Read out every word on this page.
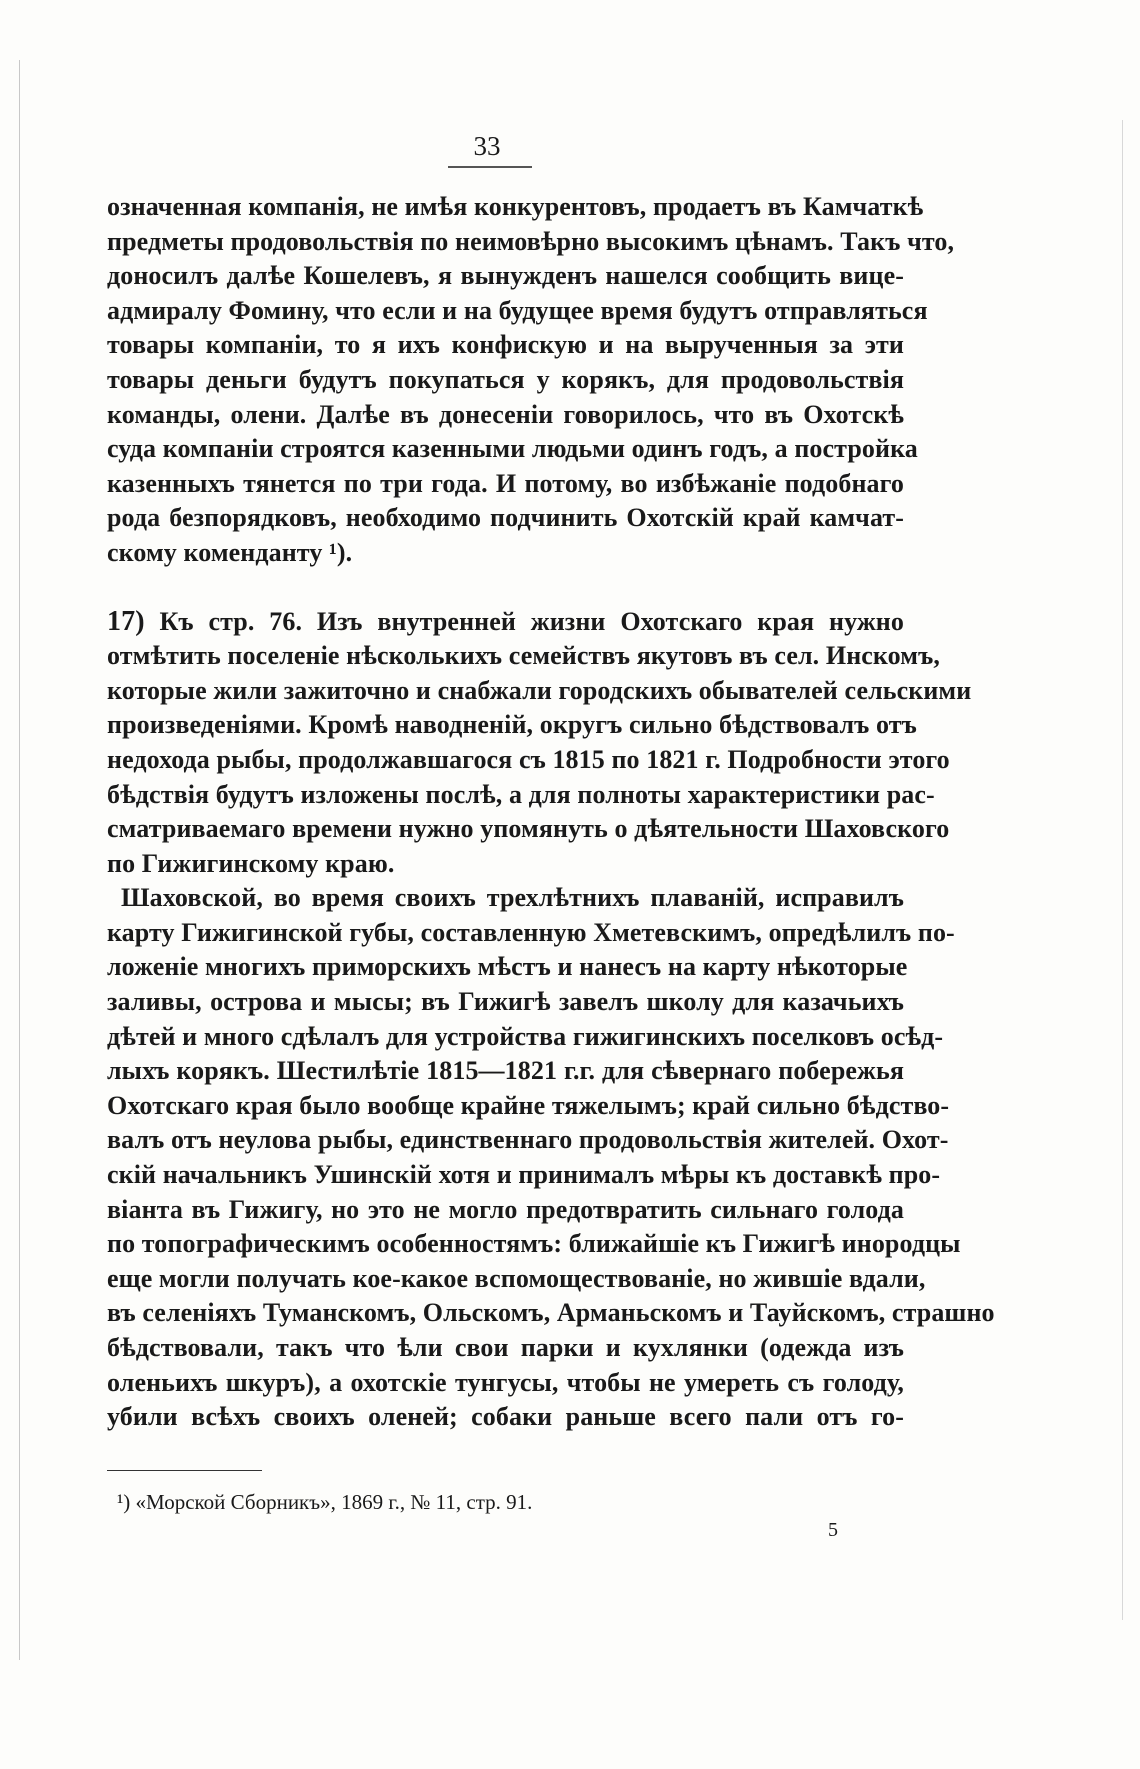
33
означенная компанiя, не имѣя конкурентовъ, продаетъ въ Камчаткѣ
предметы продовольствiя по неимовѣрно высокимъ цѣнамъ. Такъ что,
доносилъ далѣе Кошелевъ, я вынужденъ нашелся сообщить вице-
адмиралу Фомину, что если и на будущее время будутъ отправляться
товары компанiи, то я ихъ конфискую и на вырученныя за эти
товары деньги будутъ покупаться у корякъ, для продовольствiя
команды, олени. Далѣе въ донесенiи говорилось, что въ Охотскѣ
суда компанiи строятся казенными людьми одинъ годъ, а постройка
казенныхъ тянется по три года. И потому, во избѣжанiе подобнаго
рода безпорядковъ, необходимо подчинить Охотскiй край камчат-
скому коменданту ¹).
17) Къ стр. 76. Изъ внутренней жизни Охотскаго края нужно
отмѣтить поселенiе нѣсколькихъ семействъ якутовъ въ сел. Инскомъ,
которые жили зажиточно и снабжали городскихъ обывателей сельскими
произведенiями. Кромѣ наводненiй, округъ сильно бѣдствовалъ отъ
недохода рыбы, продолжавшагося съ 1815 по 1821 г. Подробности этого
бѣдствiя будутъ изложены послѣ, а для полноты характеристики рас-
сматриваемаго времени нужно упомянуть о дѣятельности Шаховского
по Гижигинскому краю.
Шаховской, во время своихъ трехлѣтнихъ плаванiй, исправилъ
карту Гижигинской губы, составленную Хметевскимъ, опредѣлилъ по-
ложенiе многихъ приморскихъ мѣстъ и нанесъ на карту нѣкоторые
заливы, острова и мысы; въ Гижигѣ завелъ школу для казачьихъ
дѣтей и много сдѣлалъ для устройства гижигинскихъ поселковъ осѣд-
лыхъ корякъ. Шестилѣтiе 1815—1821 г.г. для сѣвернаго побережья
Охотскаго края было вообще крайне тяжелымъ; край сильно бѣдство-
валъ отъ неулова рыбы, единственнаго продовольствiя жителей. Охот-
скiй начальникъ Ушинскiй хотя и принималъ мѣры къ доставкѣ про-
вiанта въ Гижигу, но это не могло предотвратить сильнаго голода
по топографическимъ особенностямъ: ближайшiе къ Гижигѣ инородцы
еще могли получать кое-какое вспомоществованiе, но жившiе вдали,
въ селенiяхъ Туманскомъ, Ольскомъ, Арманьскомъ и Тауйскомъ, страшно
бѣдствовали, такъ что ѣли свои парки и кухлянки (одежда изъ
оленьихъ шкуръ), а охотскiе тунгусы, чтобы не умереть съ голоду,
убили всѣхъ своихъ оленей; собаки раньше всего пали отъ го-
¹) «Морской Сборникъ», 1869 г., № 11, стр. 91.
5
